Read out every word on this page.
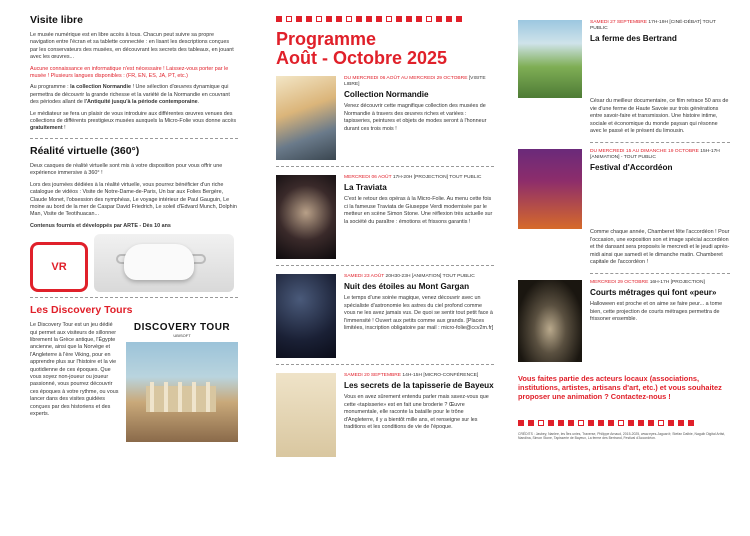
Visite libre

Le musée numérique est en libre accès à tous. Chacun peut suivre sa propre navigation entre l'écran et sa tablette connectée : en lisant les descriptions conçues par les conservateurs des musées, en découvrant les secrets des tableaux, en jouant avec les œuvres...

Aucune connaissance en informatique n'est nécessaire ! Laissez-vous porter par le musée ! Plusieurs langues disponibles : (FR, EN, ES, JA, PT, etc.)

Au programme : la collection Normandie ! Une sélection d'œuvres dynamique qui permettra de découvrir la grande richesse et la variété de la Normandie en couvrant des périodes allant de l'Antiquité jusqu'à la période contemporaine.

Le médiateur se fera un plaisir de vous introduire aux différentes œuvres venues des collections de différents prestigieux musées auxquels la Micro-Folie vous donne accès gratuitement !

Réalité virtuelle (360°)

Deux casques de réalité virtuelle sont mis à votre disposition pour vous offrir une expérience immersive à 360° !

Lors des journées dédiées à la réalité virtuelle, vous pourrez bénéficier d'un riche catalogue de vidéos : Visite de Notre-Dame-de-Paris, Un bar aux Folies Bergère, Claude Monet, l'obsession des nymphéas, Le voyage intérieur de Paul Gauguin, Le moine au bord de la mer de Caspar David Friedrich, Le soleil d'Edvard Munch, Dolphin Man, Visite de Teotihuacan...

Contenus fournis et développés par ARTE - Dès 10 ans

VR
Les Discovery Tours

Le Discovery Tour est un jeu dédié qui permet aux visiteurs de sillonner librement la Grèce antique, l'Égypte ancienne, ainsi que la Norvège et l'Angleterre à l'ère Viking, pour en apprendre plus sur l'histoire et la vie quotidienne de ces époques. Que vous soyez non-joueur ou joueur passionné, vous pourrez découvrir ces époques à votre rythme, ou vous lancer dans des visites guidées conçues par des historiens et des experts.

DISCOVERY TOUR
UBISOFT
Programme
Août - Octobre 2025
DU MERCREDI 06 AOÛT AU MERCREDI 29 OCTOBRE [VISITE LIBRE]
Collection Normandie
Venez découvrir cette magnifique collection des musées de Normandie à travers des œuvres riches et variées : tapisseries, peintures et objets de modes seront à l'honneur durant ces trois mois !
MERCREDI 06 AOÛT 17H-20H [PROJECTION] TOUT PUBLIC
La Traviata
C'est le retour des opéras à la Micro-Folie. Au menu cette fois ci la fameuse Traviata de Giuseppe Verdi modernisée par le metteur en scène Simon Stone. Une réflexion très actuelle sur la société du paraître : émotions et frissons garantis !
SAMEDI 23 AOÛT 20H30-23H [ANIMATION] TOUT PUBLIC
Nuit des étoiles au Mont Gargan
Le temps d'une soirée magique, venez découvrir avec un spécialiste d'astronomie les astres du ciel profond comme vous ne les avez jamais vus. De quoi se sentir tout petit face à l'immensité ! Ouvert aux petits comme aux grands. [Places limitées, inscription obligatoire par mail : micro-folie@ccv2m.fr]
SAMEDI 20 SEPTEMBRE 14H-15H [MICRO-CONFÉRENCE]
Les secrets de la tapisserie de Bayeux
Vous en avez sûrement entendu parler mais savez-vous que cette «tapisserie» est en fait une broderie ? Œuvre monumentale, elle raconte la bataille pour le trône d'Angleterre, il y a bientôt mille ans, et renseigne sur les traditions et les conditions de vie de l'époque.
SAMEDI 27 SEPTEMBRE 17H-19H [CINÉ-DÉBAT] TOUT PUBLIC
La ferme des Bertrand
César du meilleur documentaire, ce film retrace 50 ans de vie d'une ferme de Haute Savoie sur trois générations entre savoir-faire et transmission. Une histoire intime, sociale et économique du monde paysan qui résonne avec le passé et le présent du limousin.
DU MERCREDI 15 AU DIMANCHE 19 OCTOBRE 15H-17H [ANIMATION] - TOUT PUBLIC
Festival d'Accordéon
Comme chaque année, Chamberet fête l'accordéon ! Pour l'occasion, une exposition son et image spécial accordéon et thé dansant sera proposés le mercredi et le jeudi après-midi ainsi que samedi et le dimanche matin. Chamberet capitale de l'accordéon !
MERCREDI 29 OCTOBRE 16H-17H [PROJECTION]
Courts métrages qui font «peur»
Halloween est proche et on aime se faire peur... a tome bien, cette projection de courts métrages permettra de frissoner ensemble.
Vous faites partie des acteurs locaux (associations, institutions, artistes, artisans d'art, etc.) et vous souhaitez proposer une animation ? Contactez-nous !
CRÉDITS : Jasbey, Nanlee, les Îles unies, Traverse, Philippe Arnaud, 2015-2025, www.eyes-Jaguar.fr, Stefan Dalbie, Naguib Digital Artist, Nandina, Simon Stone, Tapisserie de Bayeux, La ferme des Bertrand, Festival d'Accordéon.
